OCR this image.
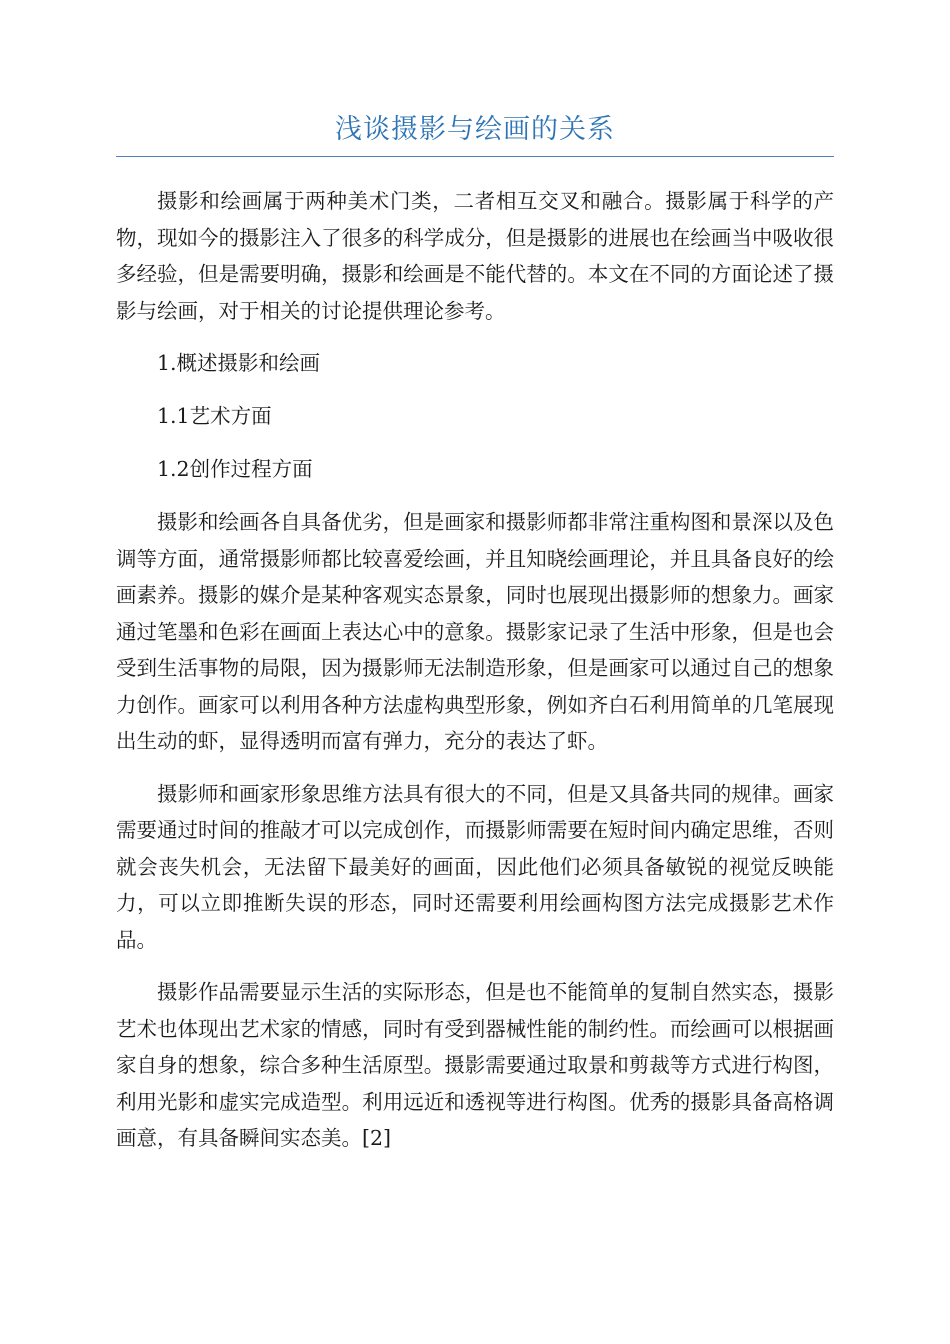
浅谈摄影与绘画的关系

摄影和绘画属于两种美术门类，二者相互交叉和融合。摄影属于科学的产物，现如今的摄影注入了很多的科学成分，但是摄影的进展也在绘画当中吸收很多经验，但是需要明确，摄影和绘画是不能代替的。本文在不同的方面论述了摄影与绘画，对于相关的讨论提供理论参考。

1.概述摄影和绘画

1.1艺术方面

1.2创作过程方面

摄影和绘画各自具备优劣，但是画家和摄影师都非常注重构图和景深以及色调等方面，通常摄影师都比较喜爱绘画，并且知晓绘画理论，并且具备良好的绘画素养。摄影的媒介是某种客观实态景象，同时也展现出摄影师的想象力。画家通过笔墨和色彩在画面上表达心中的意象。摄影家记录了生活中形象，但是也会受到生活事物的局限，因为摄影师无法制造形象，但是画家可以通过自己的想象力创作。画家可以利用各种方法虚构典型形象，例如齐白石利用简单的几笔展现出生动的虾，显得透明而富有弹力，充分的表达了虾。

摄影师和画家形象思维方法具有很大的不同，但是又具备共同的规律。画家需要通过时间的推敲才可以完成创作，而摄影师需要在短时间内确定思维，否则就会丧失机会，无法留下最美好的画面，因此他们必须具备敏锐的视觉反映能力，可以立即推断失误的形态，同时还需要利用绘画构图方法完成摄影艺术作品。

摄影作品需要显示生活的实际形态，但是也不能简单的复制自然实态，摄影艺术也体现出艺术家的情感，同时有受到器械性能的制约性。而绘画可以根据画家自身的想象，综合多种生活原型。摄影需要通过取景和剪裁等方式进行构图，利用光影和虚实完成造型。利用远近和透视等进行构图。优秀的摄影具备高格调画意，有具备瞬间实态美。[2]
